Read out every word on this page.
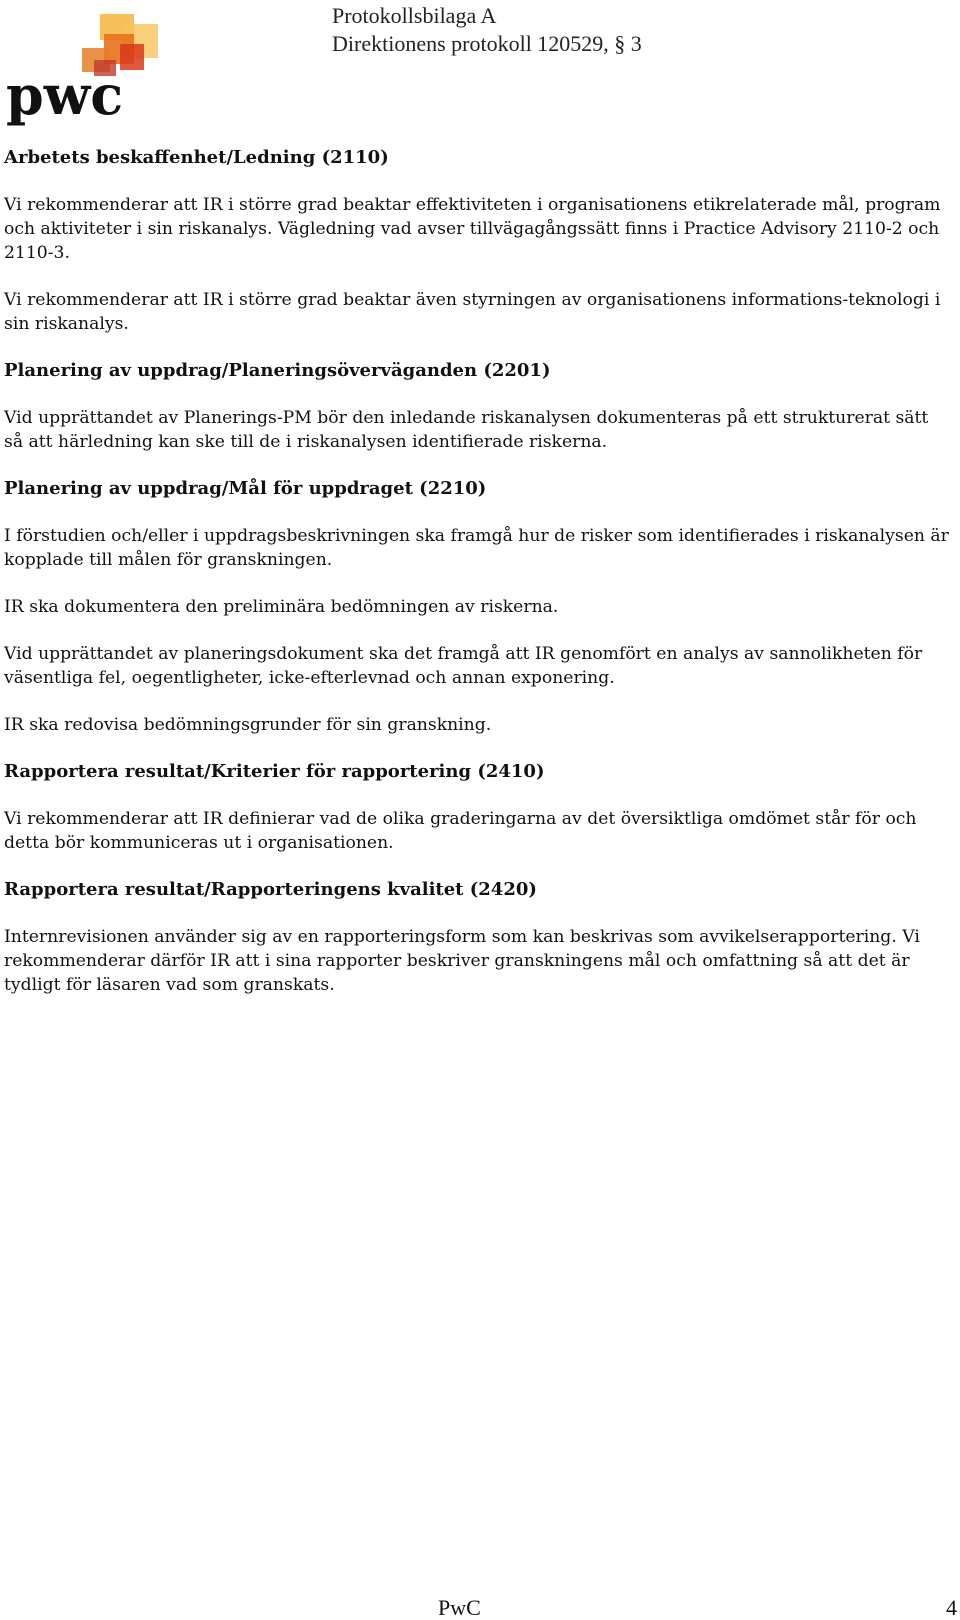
pwc
Protokollsbilaga A
Direktionens protokoll 120529, § 3
Arbetets beskaffenhet/Ledning (2110)

Vi rekommenderar att IR i större grad beaktar effektiviteten i organisationens etikrelaterade mål, program och aktiviteter i sin riskanalys. Vägledning vad avser tillvägagångssätt finns i Practice Advisory 2110-2 och 2110-3.

Vi rekommenderar att IR i större grad beaktar även styrningen av organisationens informations-teknologi i sin riskanalys.

Planering av uppdrag/Planeringsöverväganden (2201)

Vid upprättandet av Planerings-PM bör den inledande riskanalysen dokumenteras på ett strukturerat sätt så att härledning kan ske till de i riskanalysen identifierade riskerna.

Planering av uppdrag/Mål för uppdraget (2210)

I förstudien och/eller i uppdragsbeskrivningen ska framgå hur de risker som identifierades i riskanalysen är kopplade till målen för granskningen.

IR ska dokumentera den preliminära bedömningen av riskerna.

Vid upprättandet av planeringsdokument ska det framgå att IR genomfört en analys av sannolikheten för väsentliga fel, oegentligheter, icke-efterlevnad och annan exponering.

IR ska redovisa bedömningsgrunder för sin granskning.

Rapportera resultat/Kriterier för rapportering (2410)

Vi rekommenderar att IR definierar vad de olika graderingarna av det översiktliga omdömet står för och detta bör kommuniceras ut i organisationen.

Rapportera resultat/Rapporteringens kvalitet (2420)

Internrevisionen använder sig av en rapporteringsform som kan beskrivas som avvikelserapportering. Vi rekommenderar därför IR att i sina rapporter beskriver granskningens mål och omfattning så att det är tydligt för läsaren vad som granskats.

PwC	4
